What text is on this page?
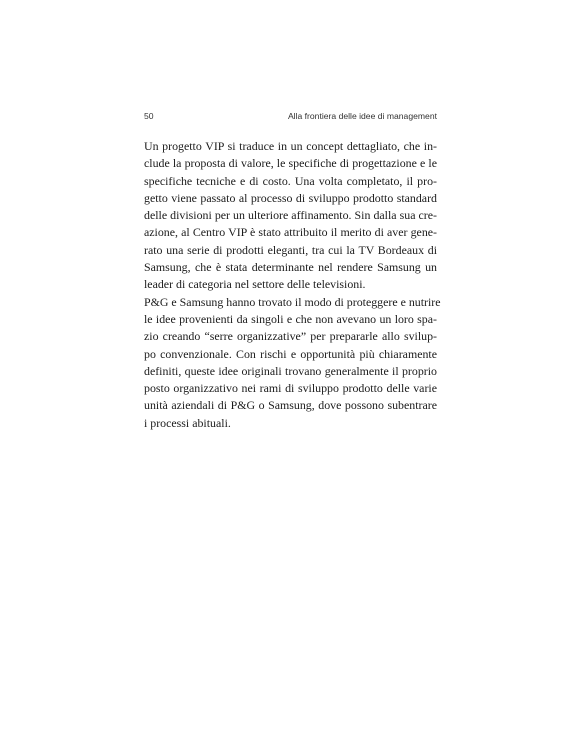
50	Alla frontiera delle idee di management
Un progetto VIP si traduce in un concept dettagliato, che in-
clude la proposta di valore, le specifiche di progettazione e le
specifiche tecniche e di costo. Una volta completato, il pro-
getto viene passato al processo di sviluppo prodotto standard
delle divisioni per un ulteriore affinamento. Sin dalla sua cre-
azione, al Centro VIP è stato attribuito il merito di aver gene-
rato una serie di prodotti eleganti, tra cui la TV Bordeaux di
Samsung, che è stata determinante nel rendere Samsung un
leader di categoria nel settore delle televisioni.
P&G e Samsung hanno trovato il modo di proteggere e nutrire
le idee provenienti da singoli e che non avevano un loro spa-
zio creando “serre organizzative” per prepararle allo svilup-
po convenzionale. Con rischi e opportunità più chiaramente
definiti, queste idee originali trovano generalmente il proprio
posto organizzativo nei rami di sviluppo prodotto delle varie
unità aziendali di P&G o Samsung, dove possono subentrare
i processi abituali.
